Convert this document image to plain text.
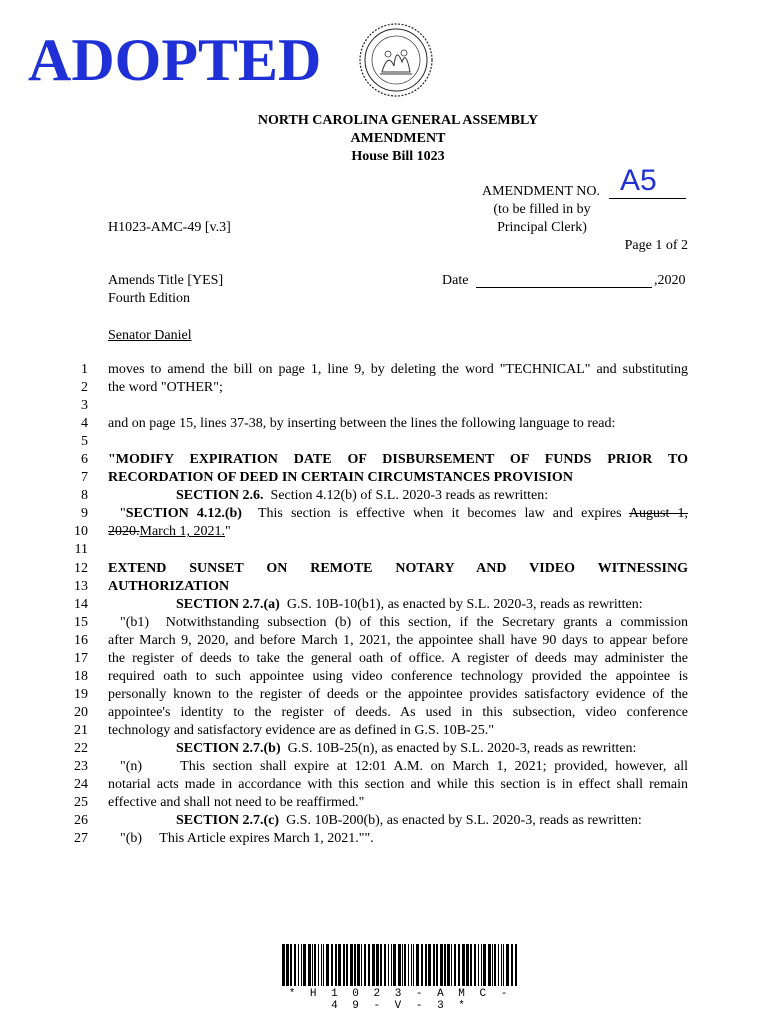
ADOPTED
NORTH CAROLINA GENERAL ASSEMBLY
AMENDMENT
House Bill 1023
AMENDMENT NO. A5
(to be filled in by
Principal Clerk)
H1023-AMC-49 [v.3]
Page 1 of 2
Amends Title [YES]
Fourth Edition
Date	,2020
Senator Daniel
1 moves to amend the bill on page 1, line 9, by deleting the word "TECHNICAL" and substituting
2 the word "OTHER";
3
4 and on page 15, lines 37-38, by inserting between the lines the following language to read:
5
6 "MODIFY EXPIRATION DATE OF DISBURSEMENT OF FUNDS PRIOR TO
7 RECORDATION OF DEED IN CERTAIN CIRCUMSTANCES PROVISION
8	SECTION 2.6.  Section 4.12(b) of S.L. 2020-3 reads as rewritten:
9	"SECTION 4.12.(b)  This section is effective when it becomes law and expires August 1,
10 2020.March 1, 2021."
11
12 EXTEND SUNSET ON REMOTE NOTARY AND VIDEO WITNESSING
13 AUTHORIZATION
14	SECTION 2.7.(a)  G.S. 10B-10(b1), as enacted by S.L. 2020-3, reads as rewritten:
15	"(b1)  Notwithstanding subsection (b) of this section, if the Secretary grants a commission
16 after March 9, 2020, and before March 1, 2021, the appointee shall have 90 days to appear before
17 the register of deeds to take the general oath of office. A register of deeds may administer the
18 required oath to such appointee using video conference technology provided the appointee is
19 personally known to the register of deeds or the appointee provides satisfactory evidence of the
20 appointee's identity to the register of deeds. As used in this subsection, video conference
21 technology and satisfactory evidence are as defined in G.S. 10B-25."
22	SECTION 2.7.(b)  G.S. 10B-25(n), as enacted by S.L. 2020-3, reads as rewritten:
23	"(n)     This section shall expire at 12:01 A.M. on March 1, 2021; provided, however, all
24 notarial acts made in accordance with this section and while this section is in effect shall remain
25 effective and shall not need to be reaffirmed."
26	SECTION 2.7.(c)  G.S. 10B-200(b), as enacted by S.L. 2020-3, reads as rewritten:
27	"(b)     This Article expires March 1, 2021."".
* H 1 0 2 3 - A M C - 4 9 - V - 3 *
